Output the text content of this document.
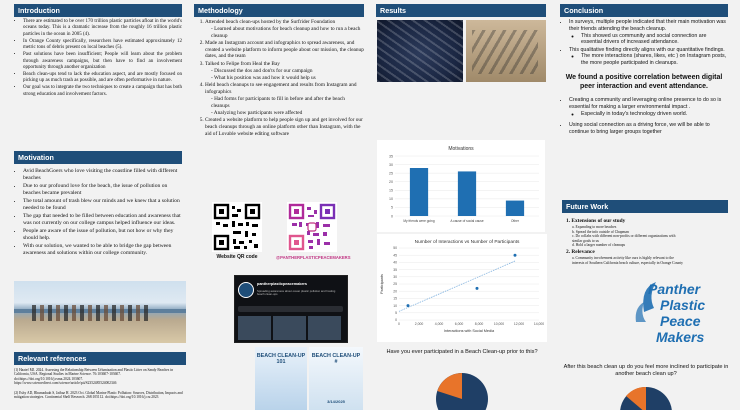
Introduction
• There are estimated to be over 170 trillion plastic particles afloat in the world's oceans today. This is a dramatic increase from the roughly 16 trillion plastic particles in the ocean in 2005 (4).
• In Orange County specifically, researchers have estimated approximately 12 metric tons of debris present on local beaches (5).
• Past solutions have been insufficient; People will learn about the problem through awareness campaigns, but then have to find an involvement opportunity through another organization
• Beach clean-ups tend to lack the education aspect, and are mostly focused on picking up as much trash as possible, and are often performative in nature.
• Our goal was to integrate the two techniques to create a campaign that has both strong education and involvement factors.
Motivation
• Avid BeachGoers who love visiting the coastline filled with different beaches
• Due to our profound love for the beach, the issue of pollution on beaches became prevalent
• The total amount of trash blew our minds and we knew that a solution needed to be found
• The gap that needed to be filled between education and awareness that was not currently on our college campus helped influence our ideas.
• People are aware of the issue of pollution, but not how or why they should help.
• With our solution, we wanted to be able to bridge the gap between awareness and solutions within our college community.
Relevant references
(1) Haatef MJ. 2024. Assessing the Relationship Between Urbanization and Plastic Litter on Sandy Beaches in California, USA. Regional Studies in Marine Science. 76:103607-103607. doi:https://doi.org/10.1016/j.rsma.2024.103607.
https://www.sciencedirect.com/science/article/pii/S2352485524002346
(2) Eshy AD, Rhumaduah S, Jaibaz H. 2023 Oct. Global Marine Plastic Pollution: Sources, Distribution, Impacts and mitigation strategies. Continental Shelf Research. 268:105112. doi:https://doi.org/10.1016/j.csr.2023
Methodology
1. Attended beach clean-ups hosted by the Surfrider Foundation
- Learned about motivations for beach cleanup and how to run a beach cleanup
2. Made an Instagram account and infographics to spread awareness, and created a website platform to inform people about our mission, the cleanup dates, and the team
3. Talked to Felipe from Heal the Bay
- Discussed the dos and don'ts for our campaign
- What his position was and how it would help us
4. Held beach cleanups to see engagement and results from Instagram and infographics
- Had forms for participants to fill in before and after the beach cleanups
- Analyzing how participants were affected
5. Created a website platform to help people sign up and get involved for our beach cleanups through an online platform other than Instagram, with the aid of Lovable website editing software
Website QR code	@PANTHERPLASTICPEACEMAKERS
pantherplasticpeacemakers
Spreading awareness about ocean plastic pollution and hosting beach clean-ups
BEACH CLEAN-UP 101
BEACH CLEAN-UP #
3/14/2025
Results
Motivations
0
5
10
15
20
25
30
35
My friends were going	A cause of social cause	Other
Number of Interactions vs Number of Participants
0
5
10
15
20
25
30
35
40
45
50
0	2,000	4,000	6,000	8,000	10,000	12,000	14,000
Interactions with Social Media
Participants
Have you ever participated in a Beach Clean-up prior to this?
Conclusion
• In surveys, multiple people indicated that their main motivation was their friends attending the beach cleanup.
◦ This showed us community and social connection are essential drivers of increased attendance.
• This qualitative finding directly aligns with our quantitative findings.
◦ The more interactions (shares, likes, etc ) on Instagram posts, the more people participated in cleanups.
We found a positive correlation between digital peer interaction and event attendance.
• Creating a community and leveraging online presence to do so is essential for making a larger environmental impact .
◦ Especially in today's technology driven world.
• Using social connection as a driving force, we will be able to continue to bring larger groups together
Future Work
1. Extensions of our study
a. Expanding to more beaches
b. Spread the info outside of Chapman
c. Do collabs with different non-profits or different organizations with similar goals to us
d. Hold a larger number of cleanups
2. Relevance
a. Community involvement activity like ours is highly relevant to the interests of Southern California beach culture, especially in Orange County
Panther
Plastic
Peace
Makers
After this beach clean up do you feel more inclined to participate in another beach clean up?
